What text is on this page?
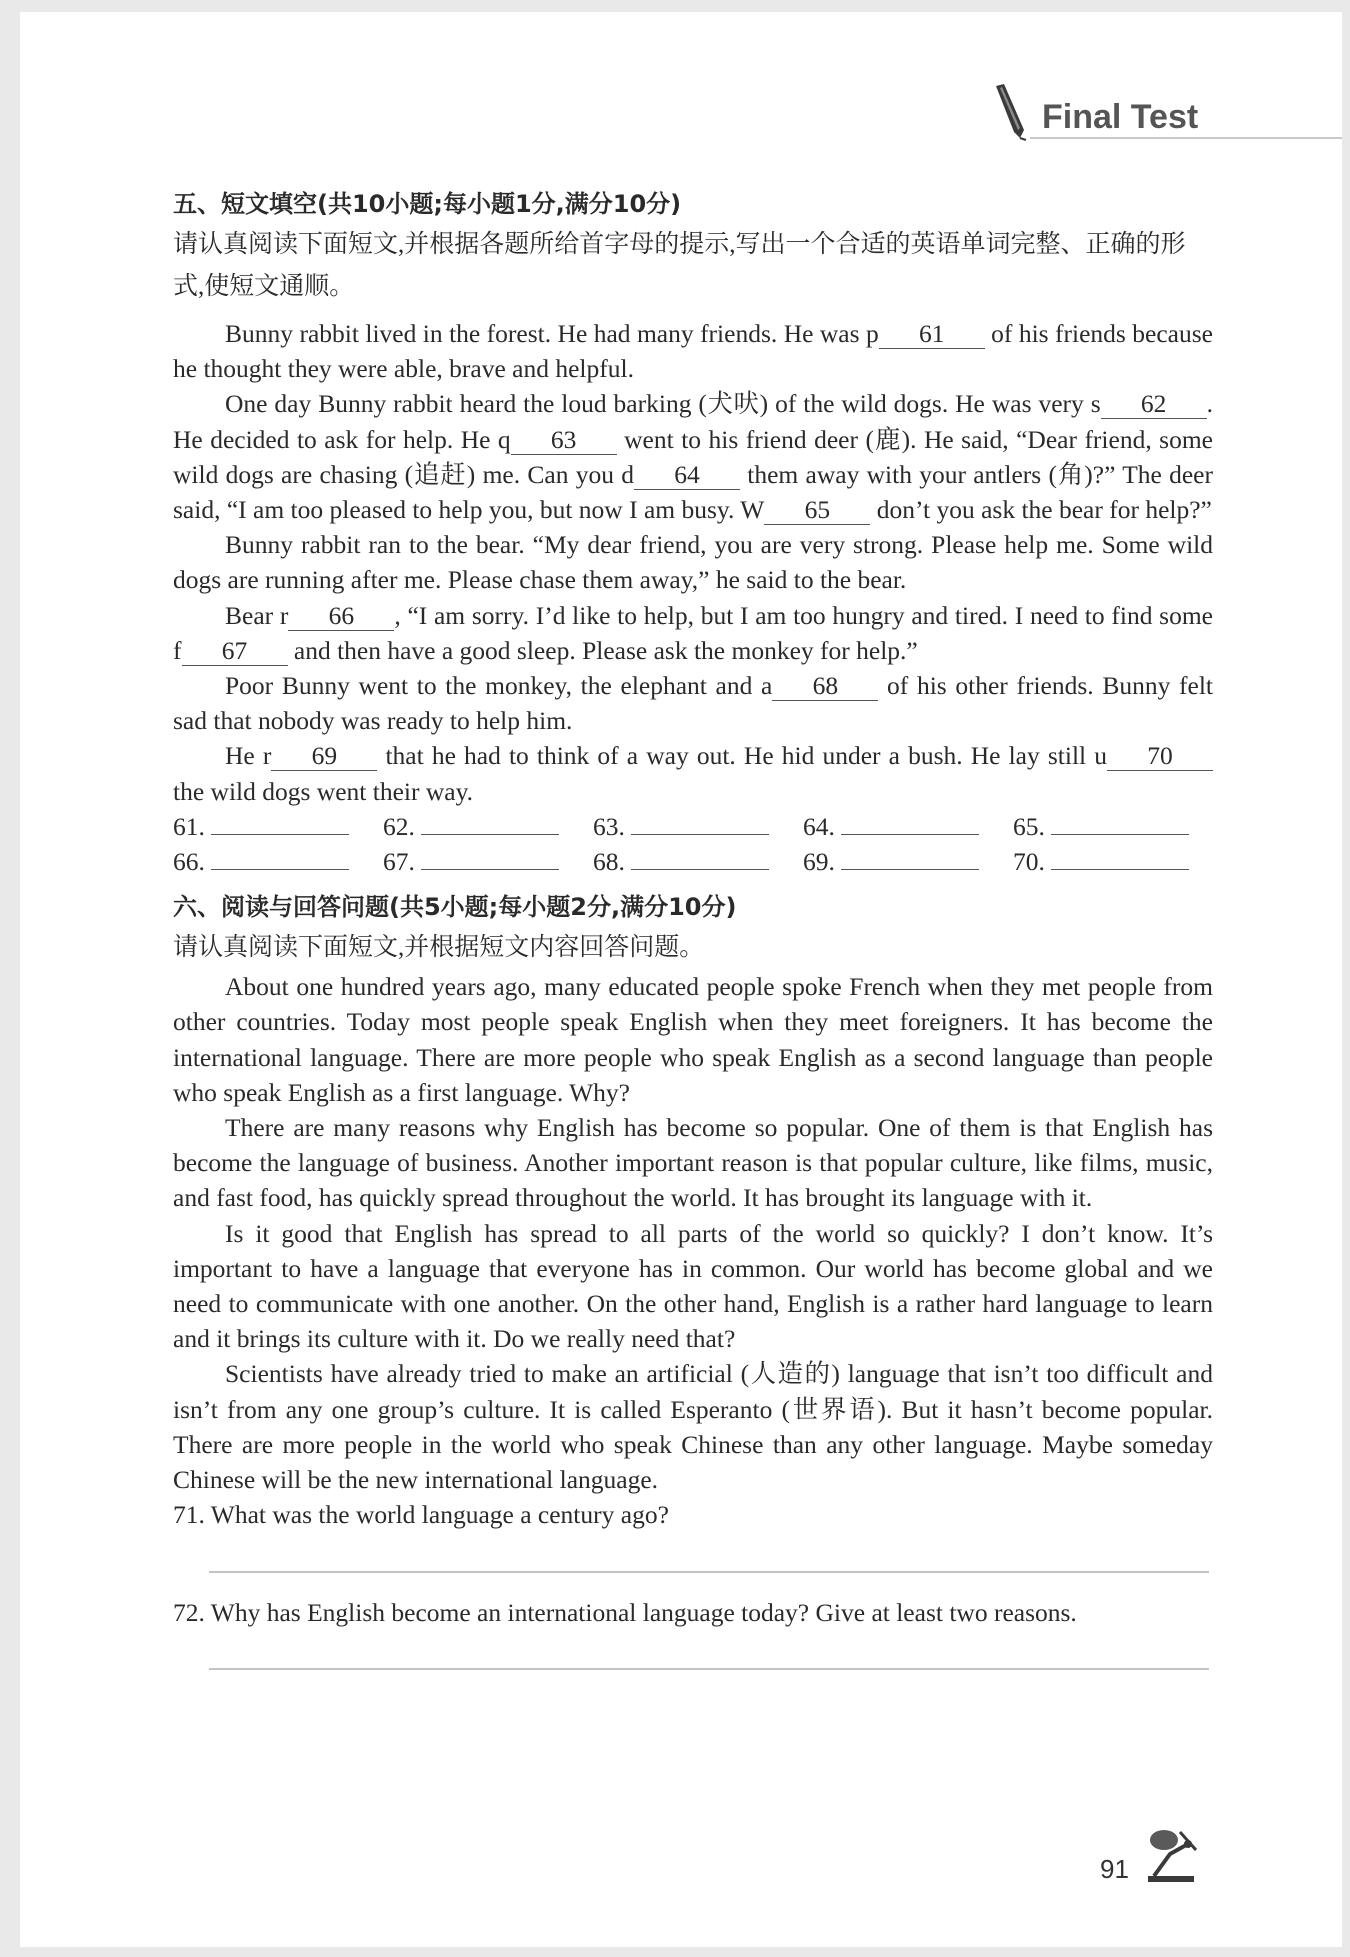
Final Test

五、短文填空(共10小题;每小题1分,满分10分)

请认真阅读下面短文,并根据各题所给首字母的提示,写出一个合适的英语单词完整、正确的形式,使短文通顺。

Bunny rabbit lived in the forest. He had many friends. He was p 61 of his friends because he thought they were able, brave and helpful.

One day Bunny rabbit heard the loud barking (犬吠) of the wild dogs. He was very s 62 . He decided to ask for help. He q 63 went to his friend deer (鹿). He said, “Dear friend, some wild dogs are chasing (追赶) me. Can you d 64 them away with your antlers (角)?” The deer said, “I am too pleased to help you, but now I am busy. W 65 don’t you ask the bear for help?”

Bunny rabbit ran to the bear. “My dear friend, you are very strong. Please help me. Some wild dogs are running after me. Please chase them away,” he said to the bear.

Bear r 66 , “I am sorry. I’d like to help, but I am too hungry and tired. I need to find some f 67 and then have a good sleep. Please ask the monkey for help.”

Poor Bunny went to the monkey, the elephant and a 68 of his other friends. Bunny felt sad that nobody was ready to help him.

He r 69 that he had to think of a way out. He hid under a bush. He lay still u 70 the wild dogs went their way.

61.	62.	63.	64.	65.
66.	67.	68.	69.	70.

六、阅读与回答问题(共5小题;每小题2分,满分10分)

请认真阅读下面短文,并根据短文内容回答问题。

About one hundred years ago, many educated people spoke French when they met people from other countries. Today most people speak English when they meet foreigners. It has become the international language. There are more people who speak English as a second language than people who speak English as a first language. Why?

There are many reasons why English has become so popular. One of them is that English has become the language of business. Another important reason is that popular culture, like films, music, and fast food, has quickly spread throughout the world. It has brought its language with it.

Is it good that English has spread to all parts of the world so quickly? I don’t know. It’s important to have a language that everyone has in common. Our world has become global and we need to communicate with one another. On the other hand, English is a rather hard language to learn and it brings its culture with it. Do we really need that?

Scientists have already tried to make an artificial (人造的) language that isn’t too difficult and isn’t from any one group’s culture. It is called Esperanto (世界语). But it hasn’t become popular. There are more people in the world who speak Chinese than any other language. Maybe someday Chinese will be the new international language.

71. What was the world language a century ago?

72. Why has English become an international language today? Give at least two reasons.

91
